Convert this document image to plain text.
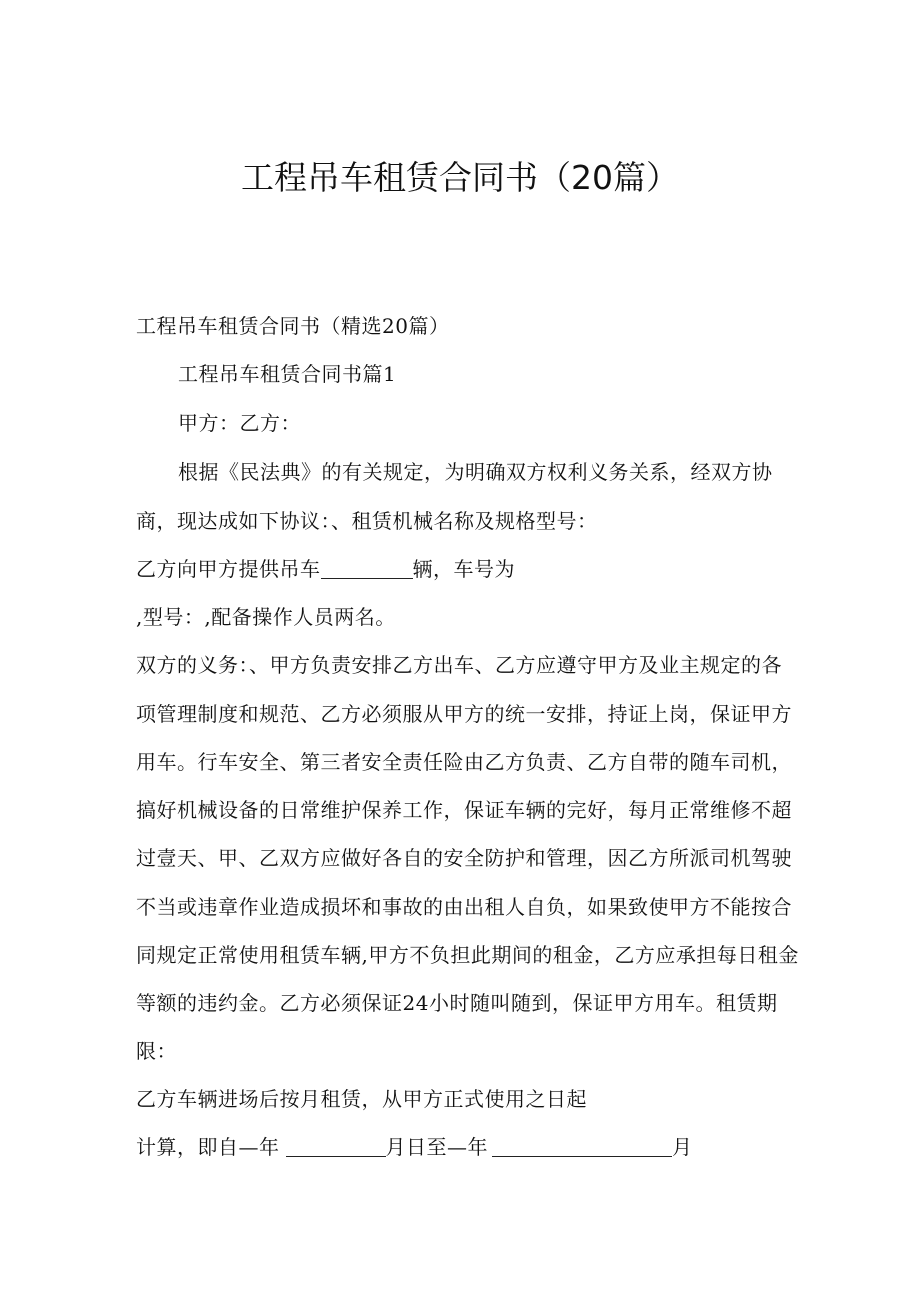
工程吊车租赁合同书（20篇）
工程吊车租赁合同书（精选20篇）
工程吊车租赁合同书篇1
甲方：乙方：
根据《民法典》的有关规定，为明确双方权利义务关系，经双方协
商，现达成如下协议：、租赁机械名称及规格型号：
乙方向甲方提供吊车	辆，车号为
,型号：,配备操作人员两名。
双方的义务：、甲方负责安排乙方出车、乙方应遵守甲方及业主规定的各
项管理制度和规范、乙方必须服从甲方的统一安排，持证上岗，保证甲方
用车。行车安全、第三者安全责任险由乙方负责、乙方自带的随车司机，
搞好机械设备的日常维护保养工作，保证车辆的完好，每月正常维修不超
过壹天、甲、乙双方应做好各自的安全防护和管理，因乙方所派司机驾驶
不当或违章作业造成损坏和事故的由出租人自负，如果致使甲方不能按合
同规定正常使用租赁车辆,甲方不负担此期间的租金，乙方应承担每日租金
等额的违约金。乙方必须保证24小时随叫随到，保证甲方用车。租赁期
限：
乙方车辆进场后按月租赁，从甲方正式使用之日起
计算，即自—年	月日至—年	月
